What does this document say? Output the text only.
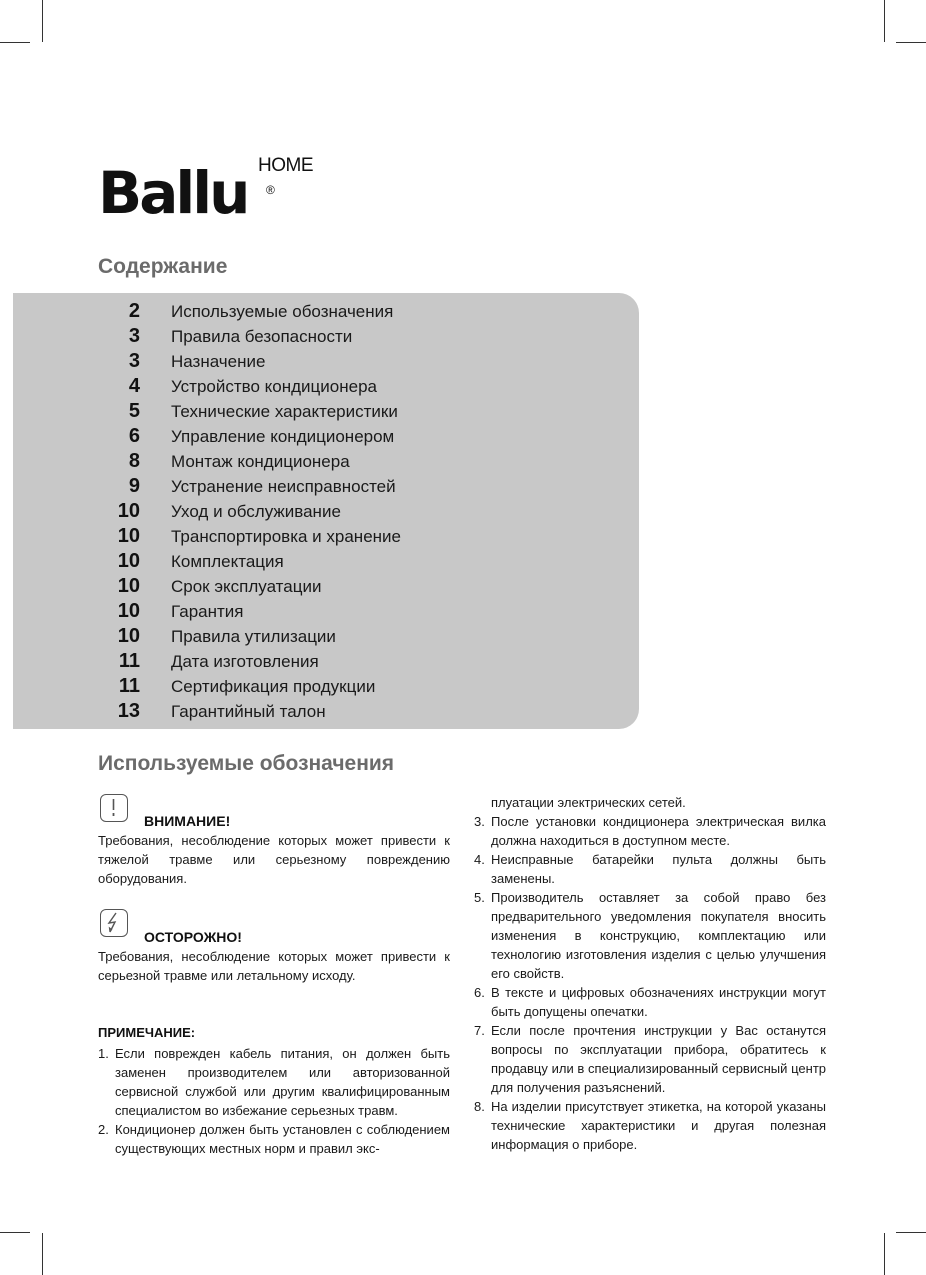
Ballu HOME
®
Содержание
2 Используемые обозначения
3 Правила безопасности
3 Назначение
4 Устройство кондиционера
5 Технические характеристики
6 Управление кондиционером
8 Монтаж кондиционера
9 Устранение неисправностей
10 Уход и обслуживание
10 Транспортировка и хранение
10 Комплектация
10 Срок эксплуатации
10 Гарантия
10 Правила утилизации
11 Дата изготовления
11 Сертификация продукции
13 Гарантийный талон
Используемые обозначения
ВНИМАНИЕ!
Требования, несоблюдение которых может привести к тяжелой травме или серьезному повреждению оборудования.
ОСТОРОЖНО!
Требования, несоблюдение которых может привести к серьезной травме или летальному исходу.
ПРИМЕЧАНИЕ:
1. Если поврежден кабель питания, он должен быть заменен производителем или авторизованной сервисной службой или другим квалифицированным специалистом во избежание серьезных травм.
2. Кондиционер должен быть установлен с соблюдением существующих местных норм и правил экс-

плуатации электрических сетей.

3. После установки кондиционера электрическая вилка должна находиться в доступном месте.
4. Неисправные батарейки пульта должны быть заменены.
5. Производитель оставляет за собой право без предварительного уведомления покупателя вносить изменения в конструкцию, комплектацию или технологию изготовления изделия с целью улучшения его свойств.
6. В тексте и цифровых обозначениях инструкции могут быть допущены опечатки.
7. Если после прочтения инструкции у Вас останутся вопросы по эксплуатации прибора, обратитесь к продавцу или в специализированный сервисный центр для получения разъяснений.
8. На изделии присутствует этикетка, на которой указаны технические характеристики и другая полезная информация о приборе.
